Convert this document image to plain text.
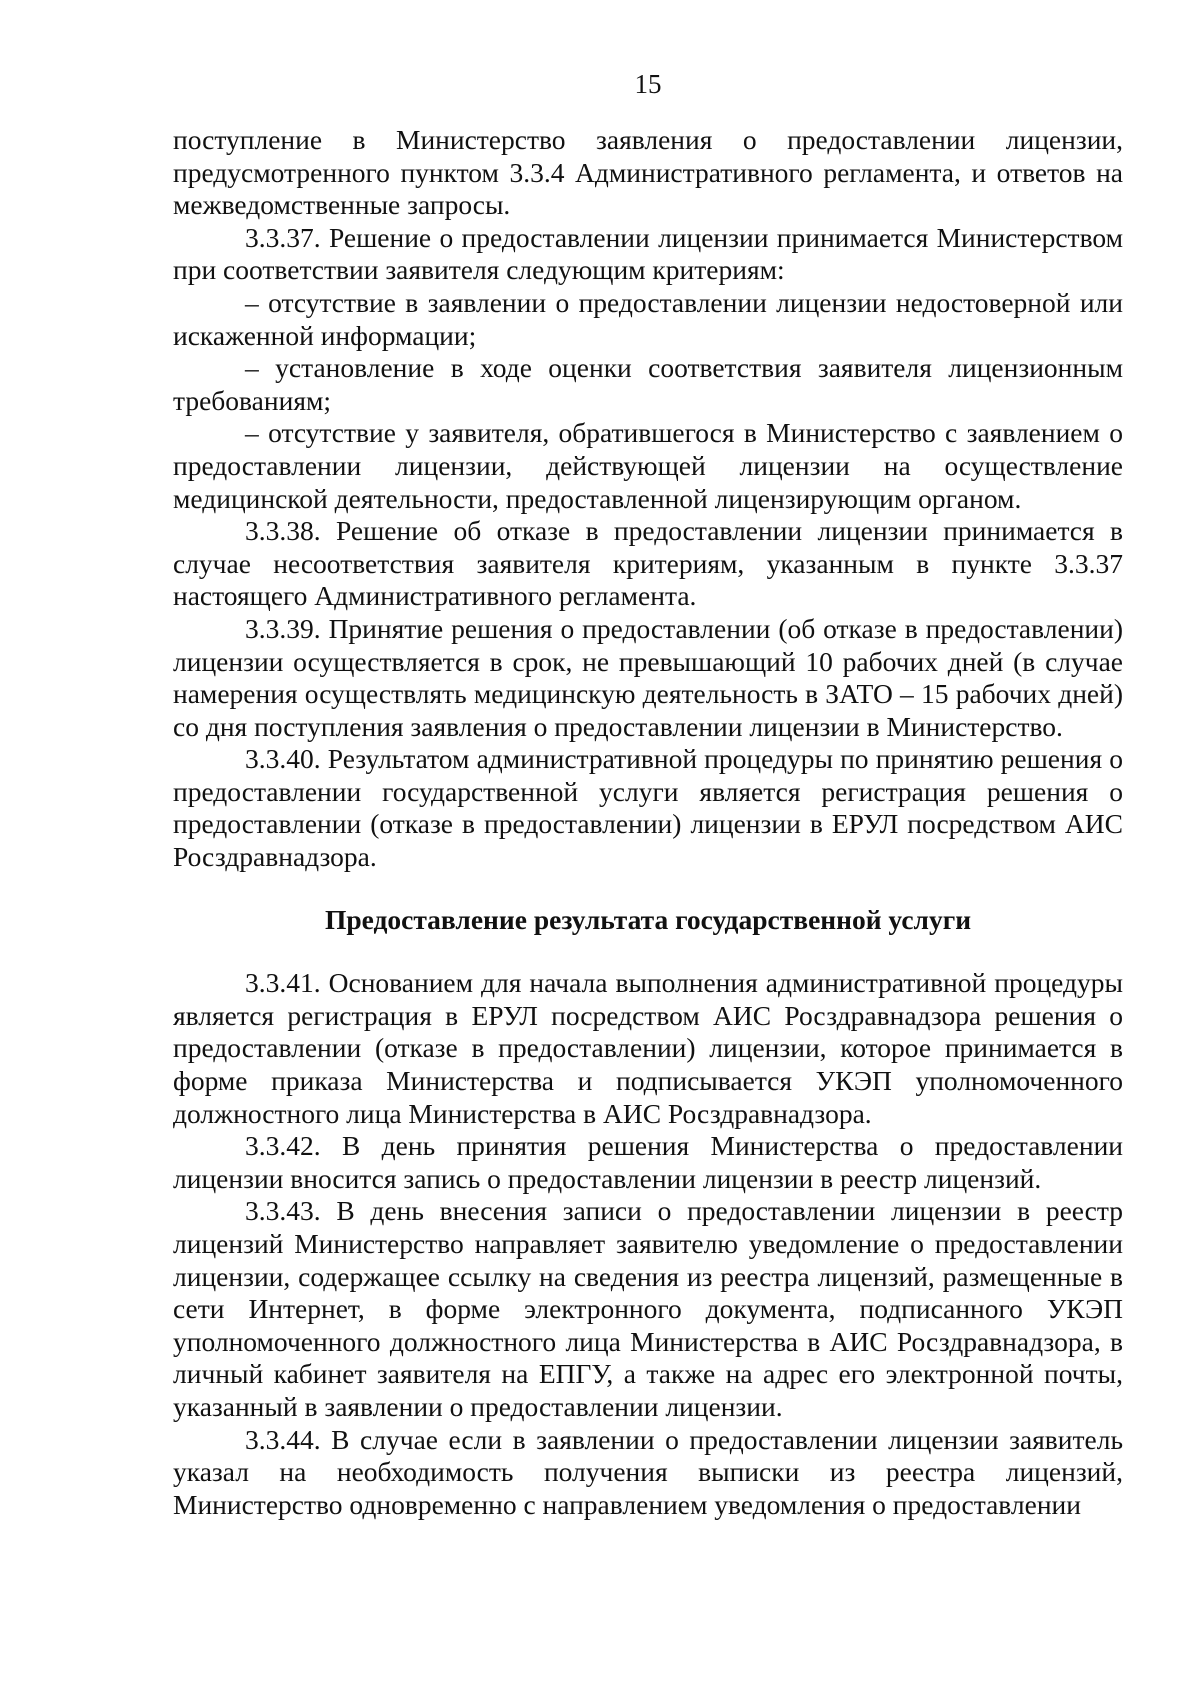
15

поступление в Министерство заявления о предоставлении лицензии, предусмотренного пунктом 3.3.4 Административного регламента, и ответов на межведомственные запросы.

3.3.37. Решение о предоставлении лицензии принимается Министерством при соответствии заявителя следующим критериям:

– отсутствие в заявлении о предоставлении лицензии недостоверной или искаженной информации;

– установление в ходе оценки соответствия заявителя лицензионным требованиям;

– отсутствие у заявителя, обратившегося в Министерство с заявлением о предоставлении лицензии, действующей лицензии на осуществление медицинской деятельности, предоставленной лицензирующим органом.

3.3.38. Решение об отказе в предоставлении лицензии принимается в случае несоответствия заявителя критериям, указанным в пункте 3.3.37 настоящего Административного регламента.

3.3.39. Принятие решения о предоставлении (об отказе в предоставлении) лицензии осуществляется в срок, не превышающий 10 рабочих дней (в случае намерения осуществлять медицинскую деятельность в ЗАТО – 15 рабочих дней) со дня поступления заявления о предоставлении лицензии в Министерство.

3.3.40. Результатом административной процедуры по принятию решения о предоставлении государственной услуги является регистрация решения о предоставлении (отказе в предоставлении) лицензии в ЕРУЛ посредством АИС Росздравнадзора.

Предоставление результата государственной услуги

3.3.41. Основанием для начала выполнения административной процедуры является регистрация в ЕРУЛ посредством АИС Росздравнадзора решения о предоставлении (отказе в предоставлении) лицензии, которое принимается в форме приказа Министерства и подписывается УКЭП уполномоченного должностного лица Министерства в АИС Росздравнадзора.

3.3.42. В день принятия решения Министерства о предоставлении лицензии вносится запись о предоставлении лицензии в реестр лицензий.

3.3.43. В день внесения записи о предоставлении лицензии в реестр лицензий Министерство направляет заявителю уведомление о предоставлении лицензии, содержащее ссылку на сведения из реестра лицензий, размещенные в сети Интернет, в форме электронного документа, подписанного УКЭП уполномоченного должностного лица Министерства в АИС Росздравнадзора, в личный кабинет заявителя на ЕПГУ, а также на адрес его электронной почты, указанный в заявлении о предоставлении лицензии.

3.3.44. В случае если в заявлении о предоставлении лицензии заявитель указал на необходимость получения выписки из реестра лицензий, Министерство одновременно с направлением уведомления о предоставлении
